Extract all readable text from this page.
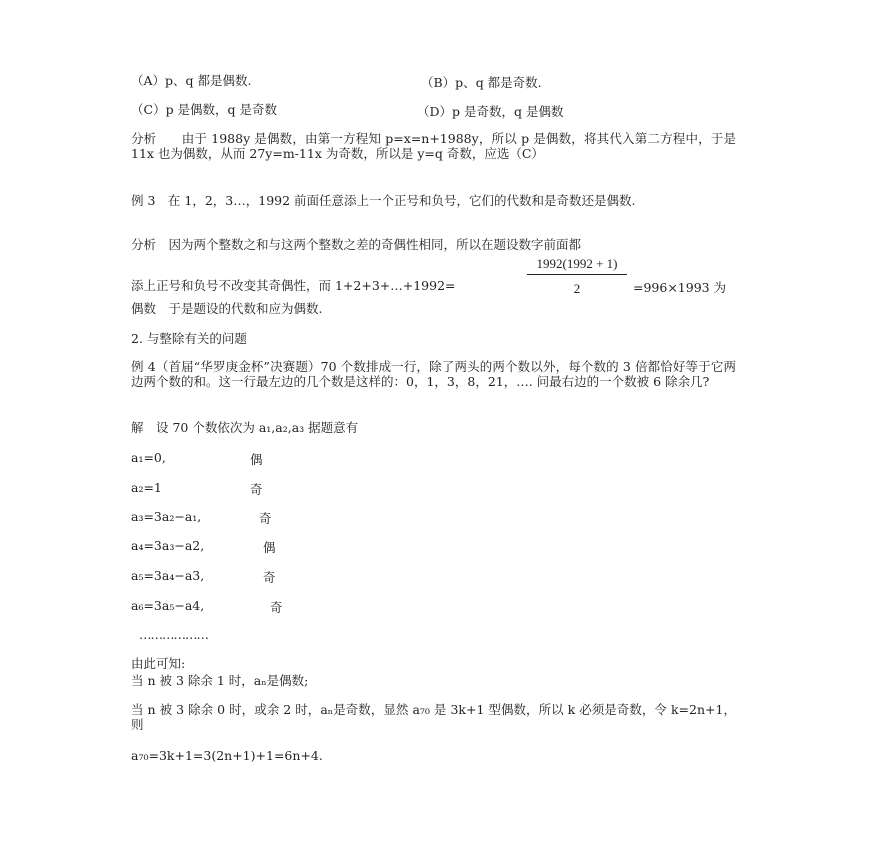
（A）p、q 都是偶数.	（B）p、q 都是奇数.
（C）p 是偶数，q 是奇数	（D）p 是奇数，q 是偶数
分析　　由于 1988y 是偶数，由第一方程知 p=x=n+1988y，所以 p 是偶数，将其代入第二方程中，于是 11x 也为偶数，从而 27y=m-11x 为奇数，所以是 y=q 奇数，应选（C）
例 3　在 1，2，3…，1992 前面任意添上一个正号和负号，它们的代数和是奇数还是偶数.
分析　因为两个整数之和与这两个整数之差的奇偶性相同，所以在题设数字前面都
$\frac{1992(1992 + 1)}{2}$
添上正号和负号不改变其奇偶性，而 1+2+3+…+1992=	=996×1993 为
偶数　于是题设的代数和应为偶数.
2. 与整除有关的问题
例 4（首届“华罗庚金杯”决赛题）70 个数排成一行，除了两头的两个数以外，每个数的 3 倍都恰好等于它两边两个数的和。这一行最左边的几个数是这样的：0，1，3，8，21，…. 问最右边的一个数被 6 除余几?
解　设 70 个数依次为 a₁,a₂,a₃ 据题意有
a₁=0,	偶
a₂=1	奇
a₃=3a₂−a₁,	奇
a₄=3a₃−a2,	偶
a₅=3a₄−a3,	奇
a₆=3a₅−a4,	奇
………………
由此可知:
当 n 被 3 除余 1 时，aₙ是偶数;
当 n 被 3 除余 0 时，或余 2 时，aₙ是奇数，显然 a₇₀ 是 3k+1 型偶数，所以 k 必须是奇数，令 k=2n+1，则
a₇₀=3k+1=3(2n+1)+1=6n+4.
